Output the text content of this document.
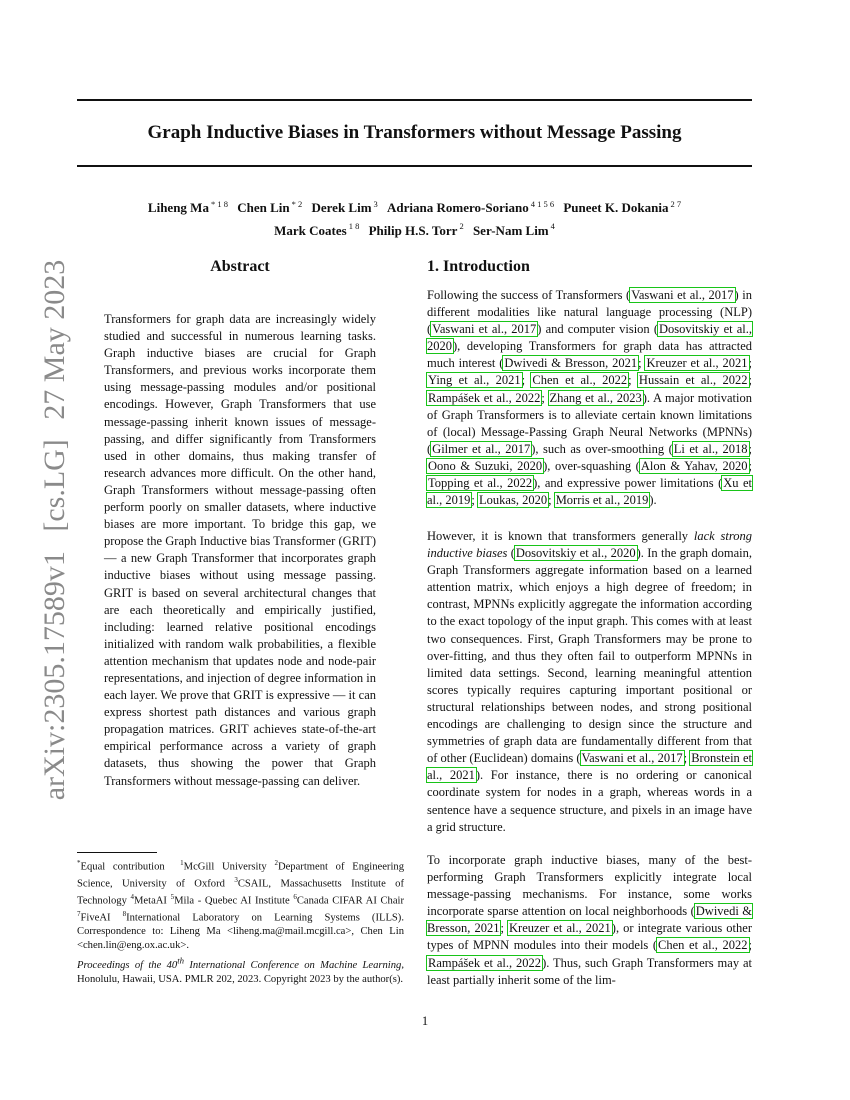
Graph Inductive Biases in Transformers without Message Passing
Liheng Ma $^{* 1 8}$ Chen Lin $^{* 2}$ Derek Lim $^3$ Adriana Romero-Soriano $^{4 1 5 6}$ Puneet K. Dokania $^{2 7}$
Mark Coates $^{1 8}$ Philip H.S. Torr $^2$ Ser-Nam Lim $^4$
arXiv:2305.17589v1 [cs.LG] 27 May 2023	Abstract

Transformers for graph data are increasingly widely studied and successful in numerous learning tasks. Graph inductive biases are crucial for Graph Transformers, and previous works incorporate them using message-passing modules and/or positional encodings. However, Graph Transformers that use message-passing inherit known issues of message-passing, and differ significantly from Transformers used in other domains, thus making transfer of research advances more difficult. On the other hand, Graph Transformers without message-passing often perform poorly on smaller datasets, where inductive biases are more important. To bridge this gap, we propose the Graph Inductive bias Transformer (GRIT) — a new Graph Transformer that incorporates graph inductive biases without using message passing. GRIT is based on several architectural changes that are each theoretically and empirically justified, including: learned relative positional encodings initialized with random walk probabilities, a flexible attention mechanism that updates node and node-pair representations, and injection of degree information in each layer. We prove that GRIT is expressive — it can express shortest path distances and various graph propagation matrices. GRIT achieves state-of-the-art empirical performance across a variety of graph datasets, thus showing the power that Graph Transformers without message-passing can deliver.

*Equal contribution $^1$McGill University $^2$Department of Engineering Science, University of Oxford $^3$CSAIL, Massachusetts Institute of Technology $^4$MetaAI $^5$Mila - Quebec AI Institute $^6$Canada CIFAR AI Chair $^7$FiveAI $^8$International Laboratory on Learning Systems (ILLS). Correspondence to: Liheng Ma <liheng.ma@mail.mcgill.ca>, Chen Lin <chen.lin@eng.ox.ac.uk>.

Proceedings of the 40th International Conference on Machine Learning, Honolulu, Hawaii, USA. PMLR 202, 2023. Copyright 2023 by the author(s).

1. Introduction

Following the success of Transformers (Vaswani et al., 2017) in different modalities like natural language processing (NLP) (Vaswani et al., 2017) and computer vision (Dosovitskiy et al., 2020), developing Transformers for graph data has attracted much interest (Dwivedi & Bresson, 2021; Kreuzer et al., 2021; Ying et al., 2021; Chen et al., 2022; Hussain et al., 2022; Rampášek et al., 2022; Zhang et al., 2023). A major motivation of Graph Transformers is to alleviate certain known limitations of (local) Message-Passing Graph Neural Networks (MPNNs) (Gilmer et al., 2017), such as over-smoothing (Li et al., 2018; Oono & Suzuki, 2020), over-squashing (Alon & Yahav, 2020; Topping et al., 2022), and expressive power limitations (Xu et al., 2019; Loukas, 2020; Morris et al., 2019).

However, it is known that transformers generally lack strong inductive biases (Dosovitskiy et al., 2020). In the graph domain, Graph Transformers aggregate information based on a learned attention matrix, which enjoys a high degree of freedom; in contrast, MPNNs explicitly aggregate the information according to the exact topology of the input graph. This comes with at least two consequences. First, Graph Transformers may be prone to over-fitting, and thus they often fail to outperform MPNNs in limited data settings. Second, learning meaningful attention scores typically requires capturing important positional or structural relationships between nodes, and strong positional encodings are challenging to design since the structure and symmetries of graph data are fundamentally different from that of other (Euclidean) domains (Vaswani et al., 2017; Bronstein et al., 2021). For instance, there is no ordering or canonical coordinate system for nodes in a graph, whereas words in a sentence have a sequence structure, and pixels in an image have a grid structure.

To incorporate graph inductive biases, many of the best-performing Graph Transformers explicitly integrate local message-passing mechanisms. For instance, some works incorporate sparse attention on local neighborhoods (Dwivedi & Bresson, 2021; Kreuzer et al., 2021), or integrate various other types of MPNN modules into their models (Chen et al., 2022; Rampášek et al., 2022). Thus, such Graph Transformers may at least partially inherit some of the lim-

1
